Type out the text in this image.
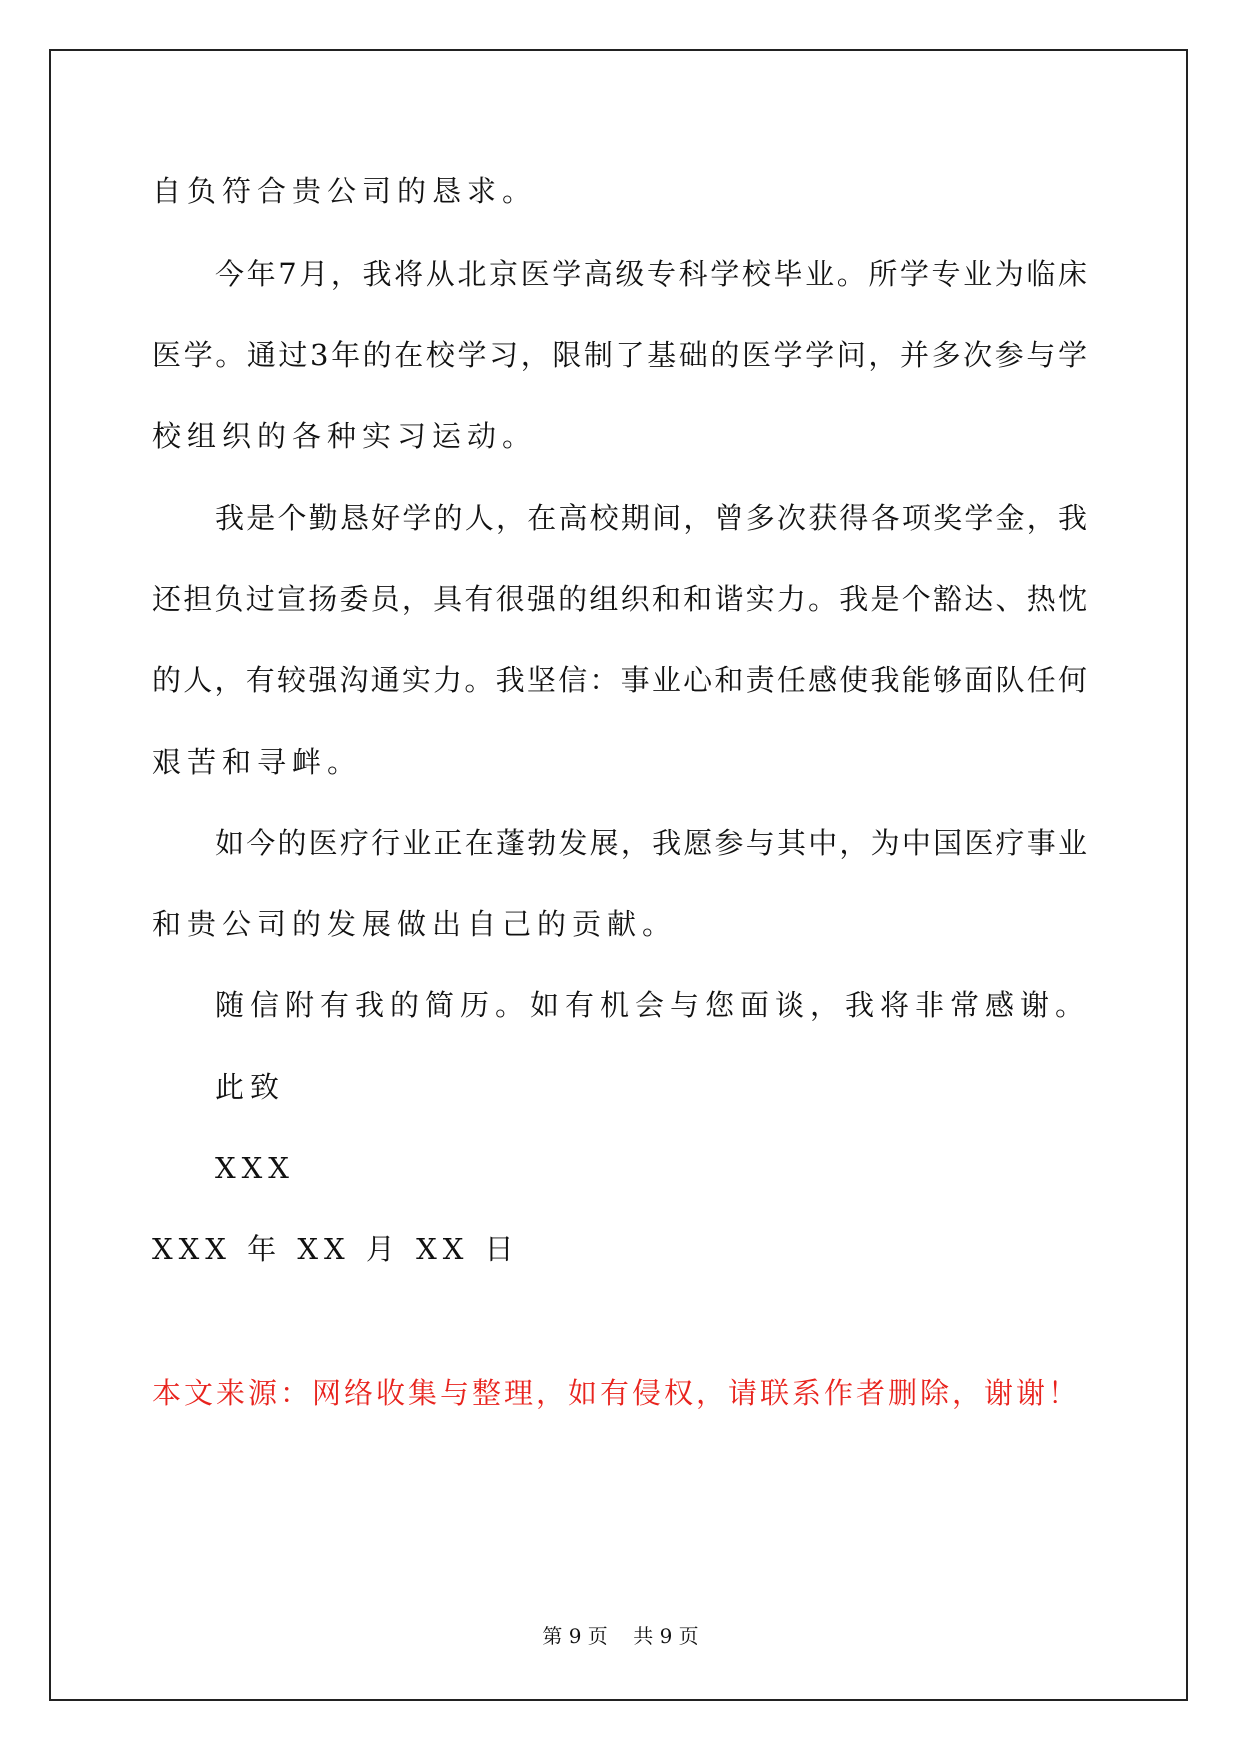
自负符合贵公司的恳求。
今年7月，我将从北京医学高级专科学校毕业。所学专业为临床
医学。通过3年的在校学习，限制了基础的医学学问，并多次参与学
校组织的各种实习运动。
我是个勤恳好学的人，在高校期间，曾多次获得各项奖学金，我
还担负过宣扬委员，具有很强的组织和和谐实力。我是个豁达、热忱
的人，有较强沟通实力。我坚信：事业心和责任感使我能够面队任何
艰苦和寻衅。
如今的医疗行业正在蓬勃发展，我愿参与其中，为中国医疗事业
和贵公司的发展做出自己的贡献。
随信附有我的简历。如有机会与您面谈，我将非常感谢。
此致
XXX
XXX 年 XX 月 XX 日
本文来源：网络收集与整理，如有侵权，请联系作者删除，谢谢！
第 9 页    共 9 页
